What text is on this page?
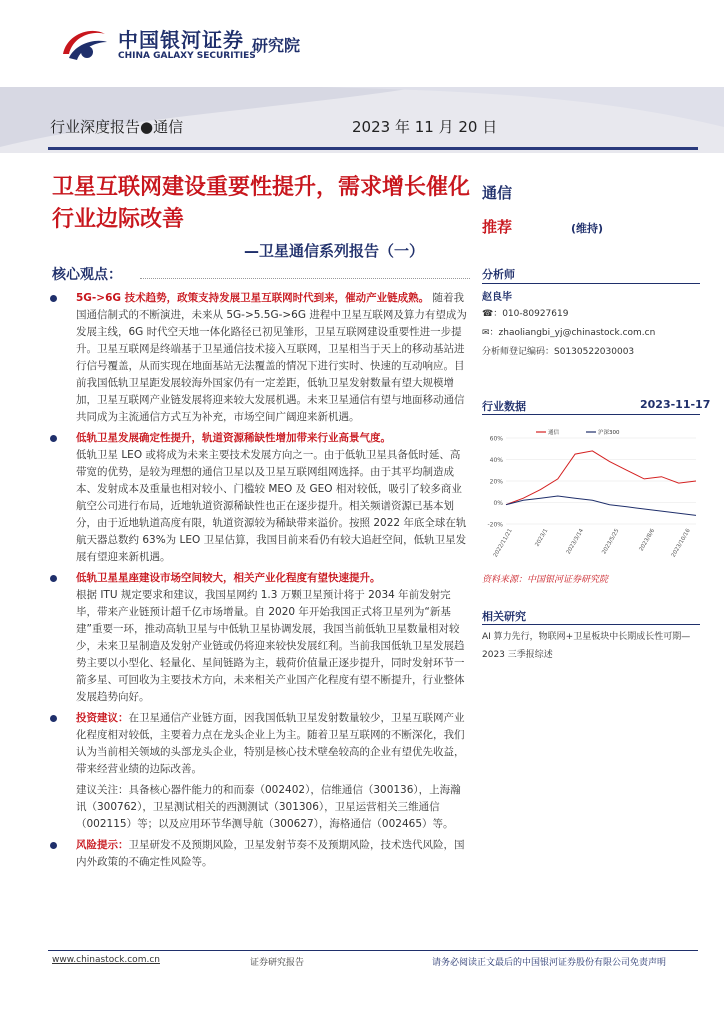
中国银河证券
CHINA GALAXY SECURITIES
研究院
行业深度报告●通信	2023 年 11 月 20 日
卫星互联网建设重要性提升，需求增长催化行业边际改善
—卫星通信系列报告（一）
核心观点：
5G->6G 技术趋势，政策支持发展卫星互联网时代到来，催动产业链成熟。 随着我国通信制式的不断演进，未来从 5G->5.5G->6G 进程中卫星互联网及算力有望成为发展主线，6G 时代空天地一体化路径已初见雏形，卫星互联网建设重要性进一步提升。卫星互联网是终端基于卫星通信技术接入互联网，卫星相当于天上的移动基站进行信号覆盖，从而实现在地面基站无法覆盖的情况下进行实时、快速的互动响应。目前我国低轨卫星距发展较海外国家仍有一定差距，低轨卫星发射数量有望大规模增加，卫星互联网产业链发展将迎来较大发展机遇。未来卫星通信有望与地面移动通信共同成为主流通信方式互为补充，市场空间广阔迎来新机遇。
低轨卫星发展确定性提升，轨道资源稀缺性增加带来行业高景气度。
低轨卫星 LEO 或将成为未来主要技术发展方向之一。由于低轨卫星具备低时延、高带宽的优势，是较为理想的通信卫星以及卫星互联网组网选择。由于其平均制造成本、发射成本及重量也相对较小、门槛较 MEO 及 GEO 相对较低，吸引了较多商业航空公司进行布局，近地轨道资源稀缺性也正在逐步提升。相关频谱资源已基本划分，由于近地轨道高度有限，轨道资源较为稀缺带来溢价。按照 2022 年底全球在轨航天器总数约 63%为 LEO 卫星估算，我国目前来看仍有较大追赶空间，低轨卫星发展有望迎来新机遇。
低轨卫星星座建设市场空间较大，相关产业化程度有望快速提升。
根据 ITU 规定要求和建议，我国星网约 1.3 万颗卫星预计将于 2034 年前发射完毕，带来产业链预计超千亿市场增量。自 2020 年开始我国正式将卫星列为“新基建”重要一环，推动高轨卫星与中低轨卫星协调发展，我国当前低轨卫星数量相对较少，未来卫星制造及发射产业链或仍将迎来较快发展红利。当前我国低轨卫星发展趋势主要以小型化、轻量化、星间链路为主，载荷价值量正逐步提升，同时发射环节一箭多星、可回收为主要技术方向，未来相关产业国产化程度有望不断提升，行业整体发展趋势向好。
投资建议：在卫星通信产业链方面，因我国低轨卫星发射数量较少，卫星互联网产业化程度相对较低，主要着力点在龙头企业上为主。随着卫星互联网的不断深化，我们认为当前相关领域的头部龙头企业，特别是核心技术壁垒较高的企业有望优先收益，带来经营业绩的边际改善。
建议关注：具备核心器件能力的和而泰（002402），信维通信（300136），上海瀚讯（300762），卫星测试相关的西测测试（301306），卫星运营相关三维通信（002115）等；以及应用环节华测导航（300627），海格通信（002465）等。
风险提示：卫星研发不及预期风险，卫星发射节奏不及预期风险，技术迭代风险，国内外政策的不确定性风险等。
通信
推荐	(维持)
分析师
赵良毕
☎：010-80927619
✉：zhaoliangbi_yj@chinastock.com.cn
分析师登记编码：S0130522030003
行业数据	2023-11-17
60%
40%
20%
0%
-20%
2022/11/21	2023/1	2023/3/14	2023/5/25	2023/8/6	2023/10/16
通信	沪深300
资料来源：中国银河证券研究院
相关研究
AI 算力先行，物联网+卫星板块中长期成长性可期—2023 三季报综述
www.chinastock.com.cn	证券研究报告	请务必阅读正文最后的中国银河证券股份有限公司免责声明
